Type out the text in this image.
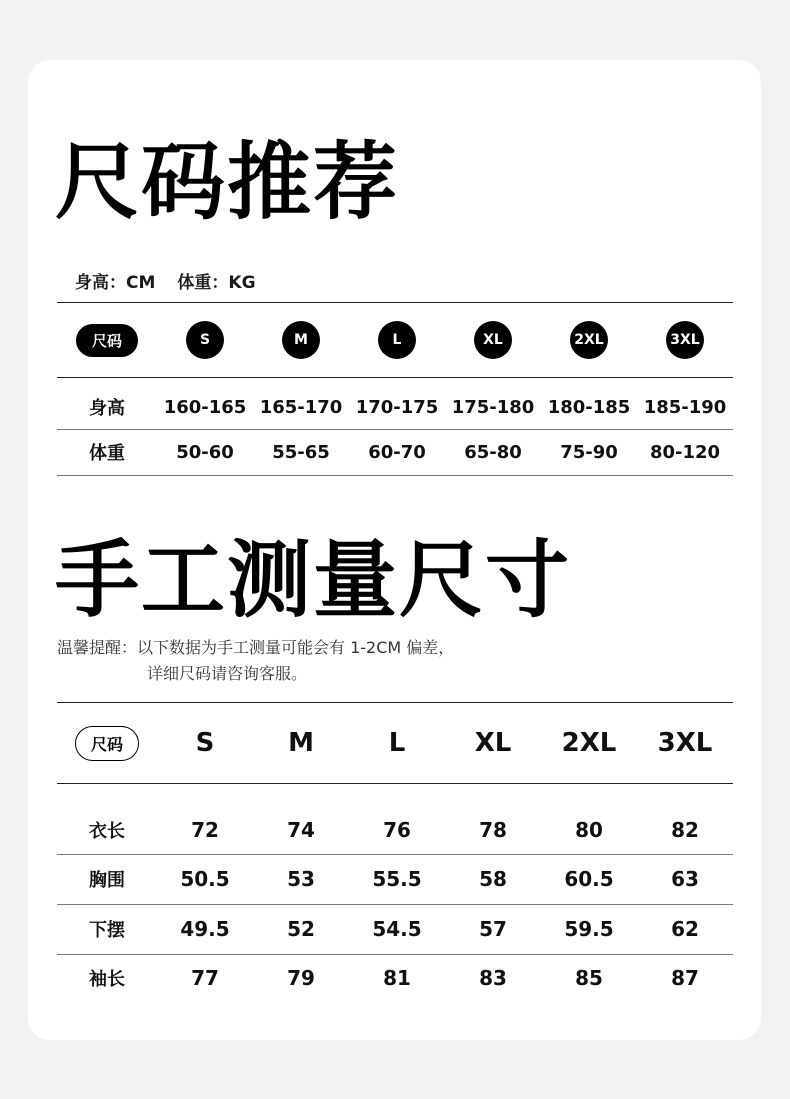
尺码推荐
身高：CM 体重：KG
尺码	S	M	L	XL	2XL	3XL
身高	160-165 165-170 170-175 175-180 180-185 185-190
体重	50-60	55-65	60-70	65-80	75-90	80-120
手工测量尺寸
温馨提醒：以下数据为手工测量可能会有 1-2CM 偏差，
详细尺码请咨询客服。
尺码	S	M	L	XL	2XL	3XL
衣长	72	74	76	78	80	82
胸围	50.5	53	55.5	58	60.5	63
下摆	49.5	52	54.5	57	59.5	62
袖长	77	79	81	83	85	87
